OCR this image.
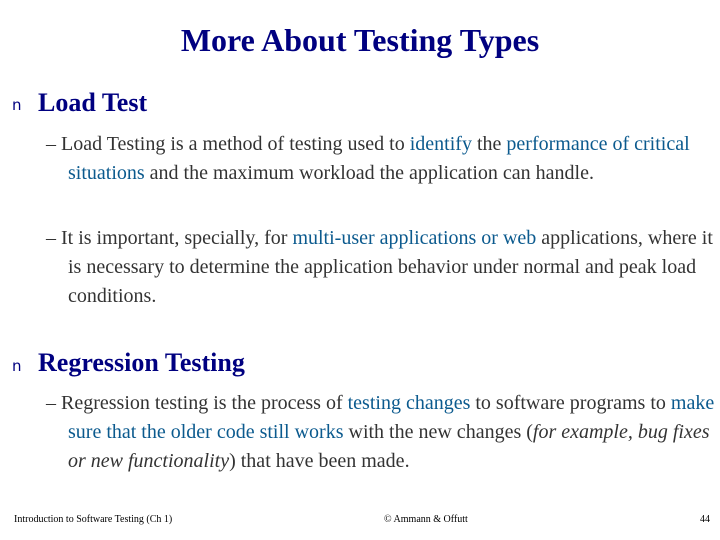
More About Testing Types
n Load Test
– Load Testing is a method of testing used to identify the performance of critical situations and the maximum workload the application can handle.
– It is important, specially, for multi-user applications or web applications, where it is necessary to determine the application behavior under normal and peak load conditions.
n Regression Testing
– Regression testing is the process of testing changes to software programs to make sure that the older code still works with the new changes (for example, bug fixes or new functionality) that have been made.
Introduction to Software Testing (Ch 1)	© Ammann & Offutt	44
